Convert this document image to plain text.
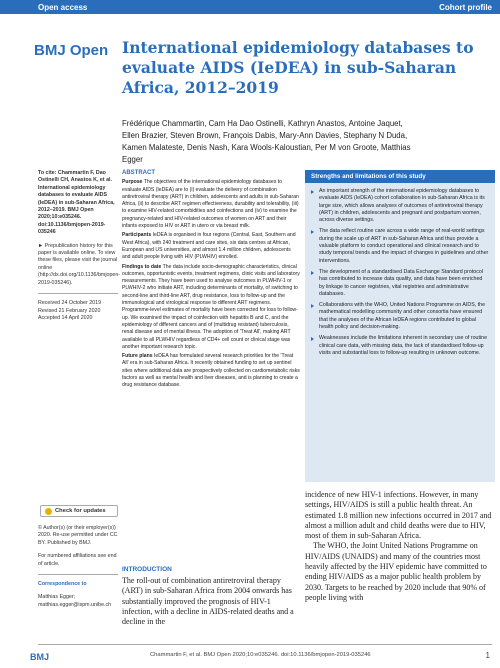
Open access	Cohort profile
BMJ Open International epidemiology databases to evaluate AIDS (IeDEA) in sub-Saharan Africa, 2012–2019
Frédérique Chammartin, Cam Ha Dao Ostinelli, Kathryn Anastos, Antoine Jaquet, Ellen Brazier, Steven Brown, François Dabis, Mary-Ann Davies, Stephany N Duda, Kamen Malateste, Denis Nash, Kara Wools-Kaloustian, Per M von Groote, Matthias Egger

To cite: Chammartin F, Dao Ostinelli CH, Anastos K, et al. International epidemiology databases to evaluate AIDS (IeDEA) in sub-Saharan Africa, 2012–2019. BMJ Open 2020;10:e035246. doi:10.1136/bmjopen-2019-035246

► Prepublication history for this paper is available online. To view these files, please visit the journal online (http://dx.doi.org/10.1136/bmjopen-2019-035246).

Received 24 October 2019 Revised 21 February 2020 Accepted 14 April 2020

Check for updates

© Author(s) (or their employer(s)) 2020. Re-use permitted under CC BY. Published by BMJ.

For numbered affiliations see end of article.

Correspondence to

Matthias Egger; matthias.egger@ispm.unibe.ch

ABSTRACT

Purpose The objectives of the international epidemiology databases to evaluate AIDS (IeDEA) are to (i) evaluate the delivery of combination antiretroviral therapy (ART) in children, adolescents and adults in sub-Saharan Africa, (ii) to describe ART regimen effectiveness, durability and tolerability, (iii) to examine HIV-related comorbidities and coinfections and (iv) to examine the pregnancy-related and HIV-related outcomes of women on ART and their infants exposed to HIV or ART in utero or via breast milk.

Participants IeDEA is organised in four regions (Central, East, Southern and West Africa), with 240 treatment and care sites, six data centres at African, European and US universities, and almost 1.4 million children, adolescents and adult people living with HIV (PLWHIV) enrolled.

Findings to date The data include socio-demographic characteristics, clinical outcomes, opportunistic events, treatment regimens, clinic visits and laboratory measurements. They have been used to analyse outcomes in PLWHIV-1 or PLWHIV-2 who initiate ART, including determinants of mortality, of switching to second-line and third-line ART, drug resistance, loss to follow-up and the immunological and virological response to different ART regimens. Programme-level estimates of mortality have been corrected for loss to follow-up. We examined the impact of coinfection with hepatitis B and C, and the epidemiology of different cancers and of (multidrug resistant) tuberculosis, renal disease and of mental illness. The adoption of 'Treat All', making ART available to all PLWHIV regardless of CD4+ cell count or clinical stage was another important research topic.

Future plans IeDEA has formulated several research priorities for the 'Treat All' era in sub-Saharan Africa. It recently obtained funding to set up sentinel sites where additional data are prospectively collected on cardiometabolic risks factors as well as mental health and liver diseases, and is planning to create a drug resistance database.

INTRODUCTION
The roll-out of combination antiretroviral therapy (ART) in sub-Saharan Africa from 2004 onwards has substantially improved the prognosis of HIV-1 infection, with a decline in AIDS-related deaths and a decline in the
Strengths and limitations of this study
An important strength of the international epidemiology databases to evaluate AIDS (IeDEA) cohort collaboration in sub-Saharan Africa is its large size, which allows analyses of outcomes of antiretroviral therapy (ART) in children, adolescents and pregnant and postpartum women, across diverse settings.
The data reflect routine care across a wide range of real-world settings during the scale up of ART in sub-Saharan Africa and thus provide a valuable platform to conduct operational and clinical research and to study temporal trends and the impact of changes in guidelines and other interventions.
The development of a standardised Data Exchange Standard protocol has contributed to increase data quality, and data have been enriched by linkage to cancer registries, vital registries and administrative databases.
Collaborations with the WHO, United Nations Programme on AIDS, the mathematical modelling community and other consortia have ensured that the analyses of the African IeDEA regions contributed to global health policy and decision-making.
Weaknesses include the limitations inherent in secondary use of routine clinical care data, with missing data, the lack of standardised follow-up visits and substantial loss to follow-up resulting in unknown outcome.

incidence of new HIV-1 infections. However, in many settings, HIV/AIDS is still a public health threat. An estimated 1.8 million new infections occurred in 2017 and almost a million adult and child deaths were due to HIV, most of them in sub-Saharan Africa.

The WHO, the Joint United Nations Programme on HIV/AIDS (UNAIDS) and many of the countries most heavily affected by the HIV epidemic have committed to ending HIV/AIDS as a major public health problem by 2030. Targets to be reached by 2020 include that 90% of people living with

BMJ	Chammartin F, et al. BMJ Open 2020;10:e035246. doi:10.1136/bmjopen-2019-035246	1
